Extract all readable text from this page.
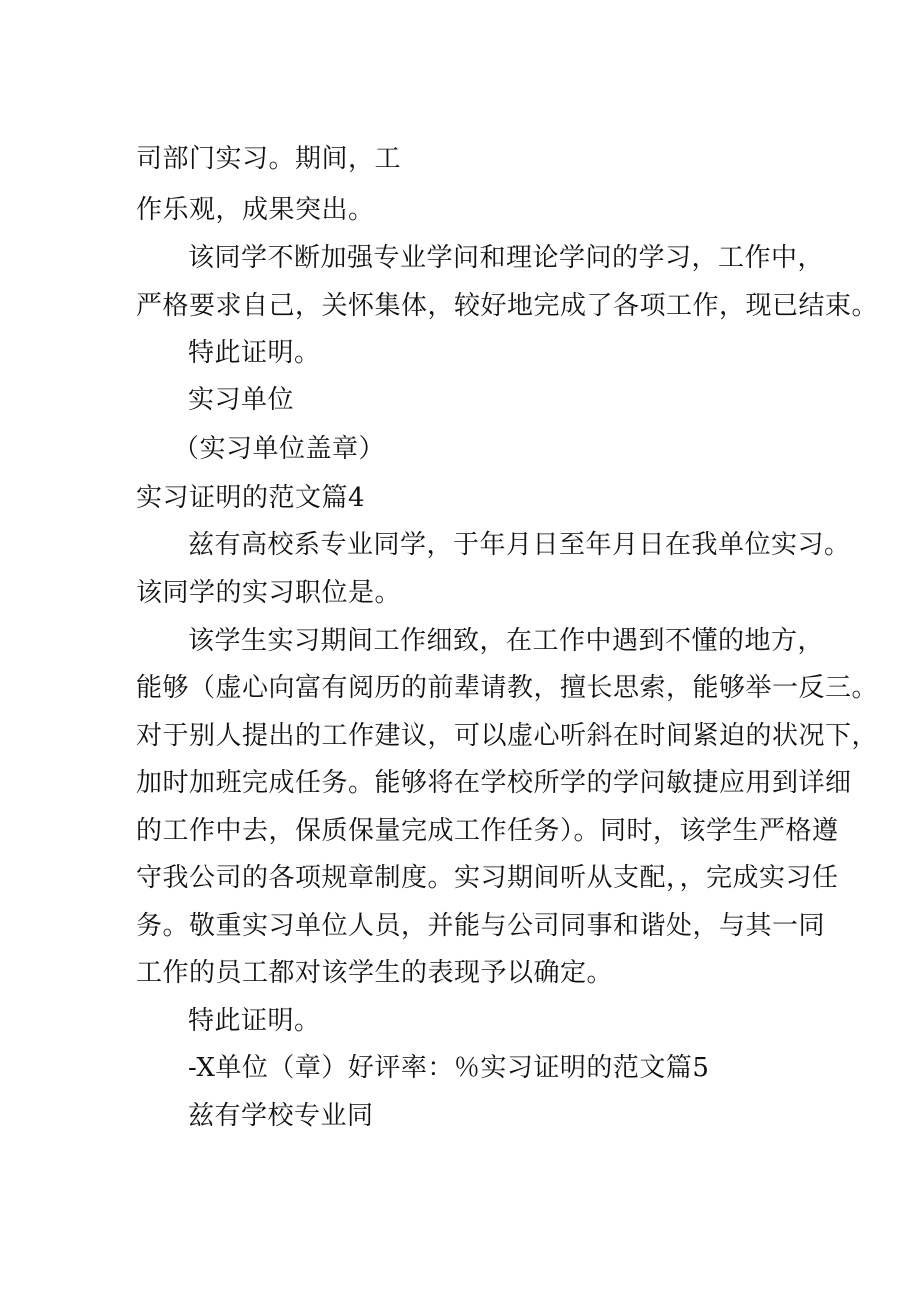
司部门实习。期间，工
作乐观，成果突出。
该同学不断加强专业学问和理论学问的学习，工作中，
严格要求自己，关怀集体，较好地完成了各项工作，现已结束。
特此证明。
实习单位
（实习单位盖章）
实习证明的范文篇4
兹有高校系专业同学，于年月日至年月日在我单位实习。
该同学的实习职位是。
该学生实习期间工作细致，在工作中遇到不懂的地方，
能够（虚心向富有阅历的前辈请教，擅长思索，能够举一反三。
对于别人提出的工作建议，可以虚心听斜在时间紧迫的状况下，
加时加班完成任务。能够将在学校所学的学问敏捷应用到详细
的工作中去，保质保量完成工作任务）。同时，该学生严格遵
守我公司的各项规章制度。实习期间听从支配，，完成实习任
务。敬重实习单位人员，并能与公司同事和谐处，与其一同
工作的员工都对该学生的表现予以确定。
特此证明。
-X单位（章）好评率：％实习证明的范文篇5
兹有学校专业同
